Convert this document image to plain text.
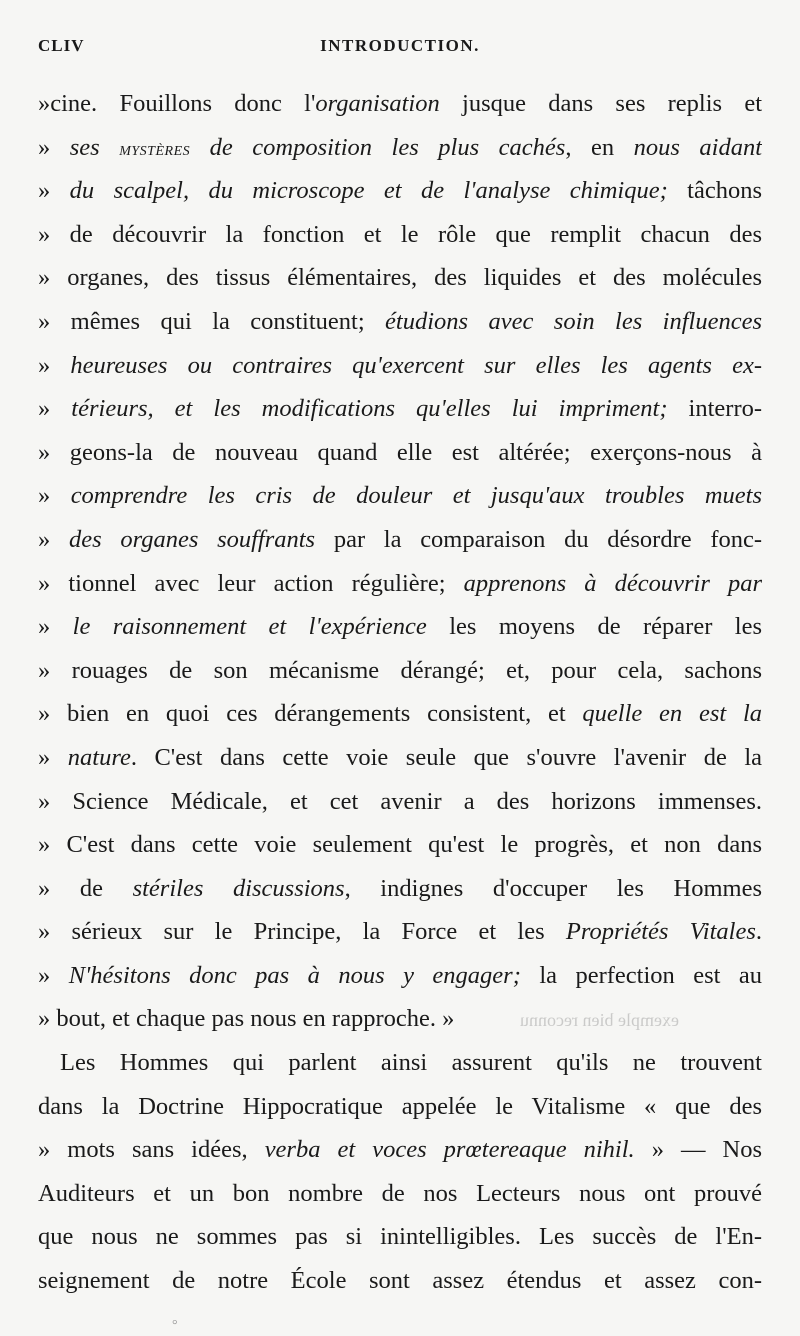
CLIV	INTRODUCTION.
»cine. Fouillons donc l'organisation jusque dans ses replis et
» ses mystères de composition les plus cachés, en nous aidant
» du scalpel, du microscope et de l'analyse chimique; tâchons
» de découvrir la fonction et le rôle que remplit chacun des
» organes, des tissus élémentaires, des liquides et des molécules
» mêmes qui la constituent; étudions avec soin les influences
» heureuses ou contraires qu'exercent sur elles les agents ex-
» térieurs, et les modifications qu'elles lui impriment; interro-
» geons-la de nouveau quand elle est altérée; exerçons-nous à
» comprendre les cris de douleur et jusqu'aux troubles muets
» des organes souffrants par la comparaison du désordre fonc-
» tionnel avec leur action régulière; apprenons à découvrir par
» le raisonnement et l'expérience les moyens de réparer les
» rouages de son mécanisme dérangé; et, pour cela, sachons
» bien en quoi ces dérangements consistent, et quelle en est la
» nature. C'est dans cette voie seule que s'ouvre l'avenir de la
» Science Médicale, et cet avenir a des horizons immenses.
» C'est dans cette voie seulement qu'est le progrès, et non dans
» de stériles discussions, indignes d'occuper les Hommes
» sérieux sur le Principe, la Force et les Propriétés Vitales.
» N'hésitons donc pas à nous y engager; la perfection est au
» bout, et chaque pas nous en rapproche. »
Les Hommes qui parlent ainsi assurent qu'ils ne trouvent
dans la Doctrine Hippocratique appelée le Vitalisme « que des
» mots sans idées, verba et voces prœtereaque nihil. » — Nos
Auditeurs et un bon nombre de nos Lecteurs nous ont prouvé
que nous ne sommes pas si inintelligibles. Les succès de l'En-
seignement de notre École sont assez étendus et assez con-
exemple bien reconnu
°
